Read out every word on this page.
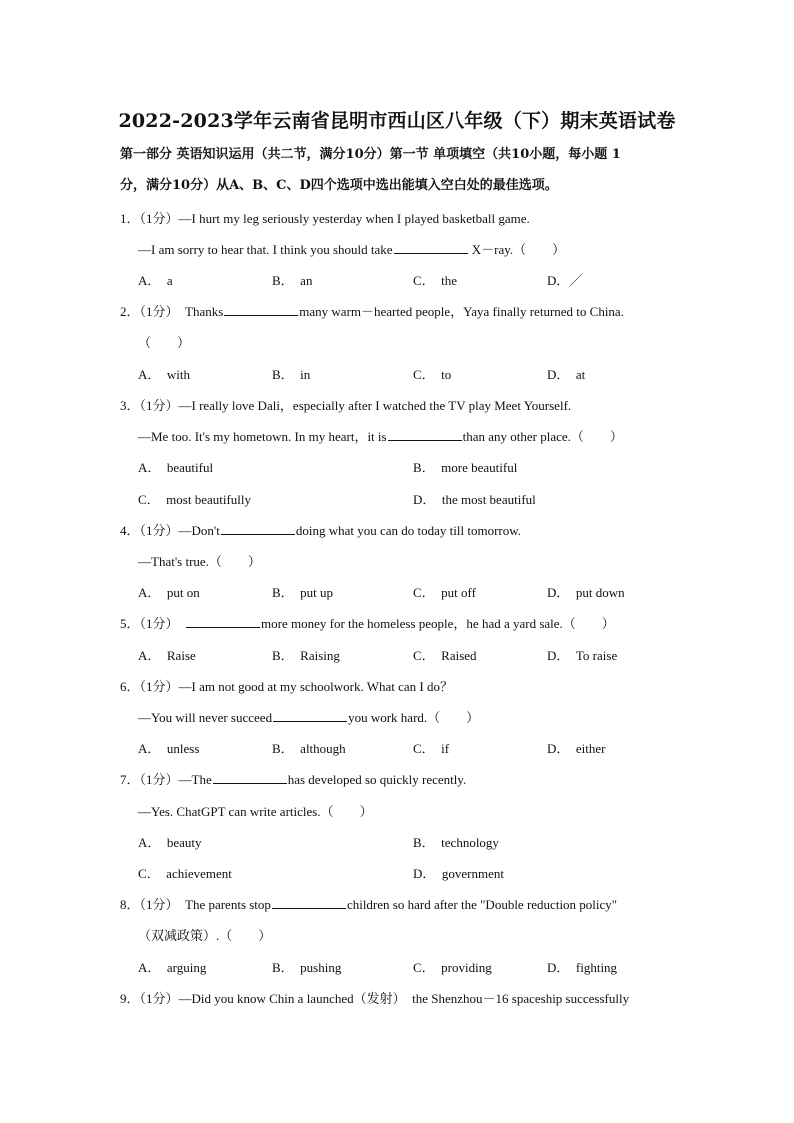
2022-2023学年云南省昆明市西山区八年级（下）期末英语试卷
第一部分 英语知识运用（共二节，满分10分）第一节 单项填空（共10小题，每小题 1
分，满分10分）从A、B、C、D四个选项中选出能填入空白处的最佳选项。
1．（1分）—I hurt my leg seriously yesterday when I played basketball game.
—I am sorry to hear that. I think you should take	X－ray.（　　）
A．　a	B．　an	C．　the	D．／
2．（1分）　Thanks	many warm－hearted people，Yaya finally returned to China.
（　　）
A．　with	B．　in	C．　to	D．　at
3．（1分）—I really love Dali，especially after I watched the TV play Meet Yourself.
—Me too. It's my hometown. In my heart，it is	than any other place.（　　）
A．　beautiful	B．　more beautiful
C．　most beautifully	D．　the most beautiful
4．（1分）—Don't	doing what you can do today till tomorrow.
—That's true.（　　）
A．　put on	B．　put up	C．　put off	D．　put down
5．（1分）　	more money for the homeless people，he had a yard sale.（　　）
A．　Raise	B．　Raising	C．　Raised	D．　To raise
6．（1分）—I am not good at my schoolwork. What can I do？
—You will never succeed	you work hard.（　　）
A．　unless	B．　although	C．　if	D．　either
7．（1分）—The	has developed so quickly recently.
—Yes. ChatGPT can write articles.（　　）
A．　beauty	B．　technology
C．　achievement	D．　government
8．（1分）　The parents stop	children so hard after the "Double reduction policy"
（双减政策）.（　　）
A．　arguing	B．　pushing	C．　providing	D．　fighting
9．（1分）—Did you know Chin a launched（发射）　the Shenzhou－16 spaceship successfully
